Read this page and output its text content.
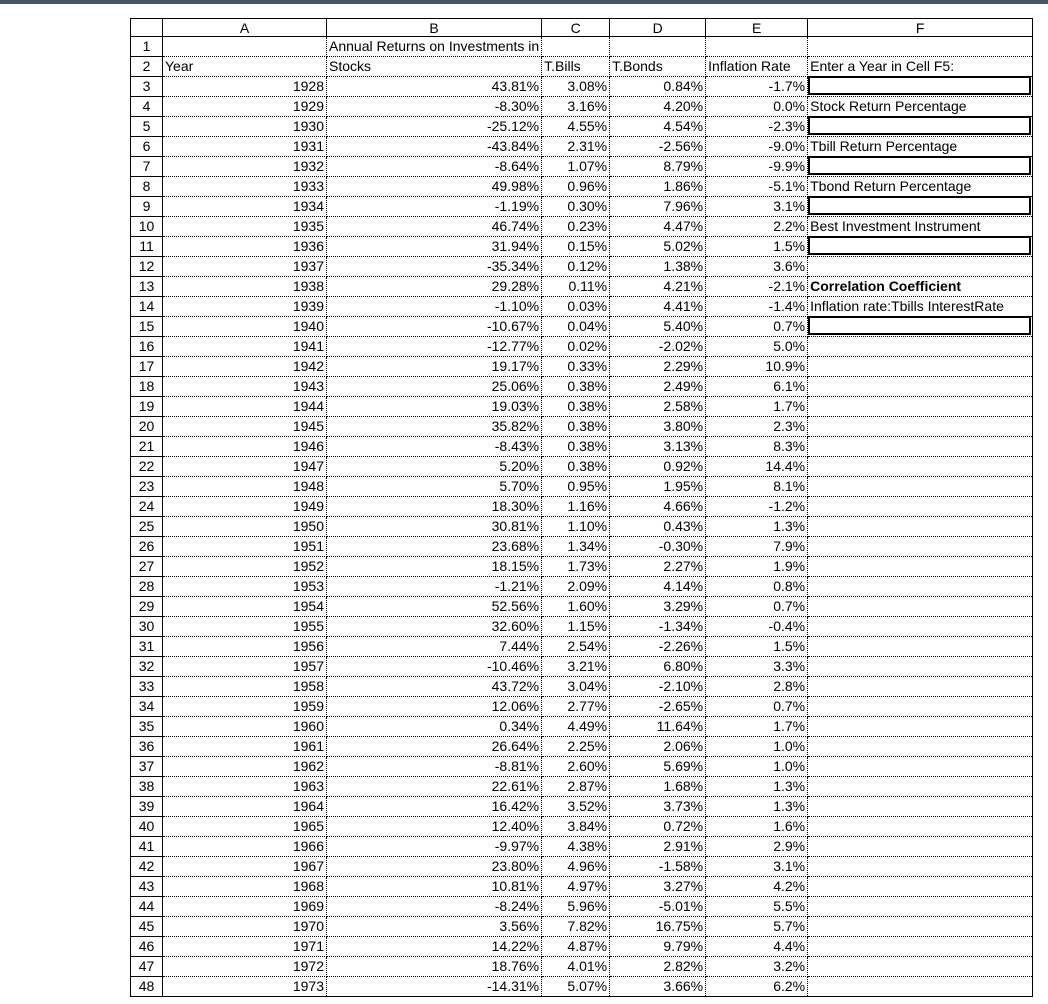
	A	B	C	D	E	F
1		Annual Returns on Investments in				
2	Year	Stocks	T.Bills	T.Bonds	Inflation Rate	Enter a Year in Cell F5:
3	1928	43.81%	3.08%	0.84%	-1.7%	

4	1929	-8.30%	3.16%	4.20%	0.0%	Stock Return Percentage
5	1930	-25.12%	4.55%	4.54%	-2.3%	

6	1931	-43.84%	2.31%	-2.56%	-9.0%	Tbill Return Percentage
7	1932	-8.64%	1.07%	8.79%	-9.9%	

8	1933	49.98%	0.96%	1.86%	-5.1%	Tbond Return Percentage
9	1934	-1.19%	0.30%	7.96%	3.1%	

10	1935	46.74%	0.23%	4.47%	2.2%	Best Investment Instrument
11	1936	31.94%	0.15%	5.02%	1.5%	

12	1937	-35.34%	0.12%	1.38%	3.6%	
13	1938	29.28%	0.11%	4.21%	-2.1%	Correlation Coefficient
14	1939	-1.10%	0.03%	4.41%	-1.4%	Inflation rate:Tbills InterestRate
15	1940	-10.67%	0.04%	5.40%	0.7%	

16	1941	-12.77%	0.02%	-2.02%	5.0%	
17	1942	19.17%	0.33%	2.29%	10.9%	
18	1943	25.06%	0.38%	2.49%	6.1%	
19	1944	19.03%	0.38%	2.58%	1.7%	
20	1945	35.82%	0.38%	3.80%	2.3%	
21	1946	-8.43%	0.38%	3.13%	8.3%	
22	1947	5.20%	0.38%	0.92%	14.4%	
23	1948	5.70%	0.95%	1.95%	8.1%	
24	1949	18.30%	1.16%	4.66%	-1.2%	
25	1950	30.81%	1.10%	0.43%	1.3%	
26	1951	23.68%	1.34%	-0.30%	7.9%	
27	1952	18.15%	1.73%	2.27%	1.9%	
28	1953	-1.21%	2.09%	4.14%	0.8%	
29	1954	52.56%	1.60%	3.29%	0.7%	
30	1955	32.60%	1.15%	-1.34%	-0.4%	
31	1956	7.44%	2.54%	-2.26%	1.5%	
32	1957	-10.46%	3.21%	6.80%	3.3%	
33	1958	43.72%	3.04%	-2.10%	2.8%	
34	1959	12.06%	2.77%	-2.65%	0.7%	
35	1960	0.34%	4.49%	11.64%	1.7%	
36	1961	26.64%	2.25%	2.06%	1.0%	
37	1962	-8.81%	2.60%	5.69%	1.0%	
38	1963	22.61%	2.87%	1.68%	1.3%	
39	1964	16.42%	3.52%	3.73%	1.3%	
40	1965	12.40%	3.84%	0.72%	1.6%	
41	1966	-9.97%	4.38%	2.91%	2.9%	
42	1967	23.80%	4.96%	-1.58%	3.1%	
43	1968	10.81%	4.97%	3.27%	4.2%	
44	1969	-8.24%	5.96%	-5.01%	5.5%	
45	1970	3.56%	7.82%	16.75%	5.7%	
46	1971	14.22%	4.87%	9.79%	4.4%	
47	1972	18.76%	4.01%	2.82%	3.2%	
48	1973	-14.31%	5.07%	3.66%	6.2%	
